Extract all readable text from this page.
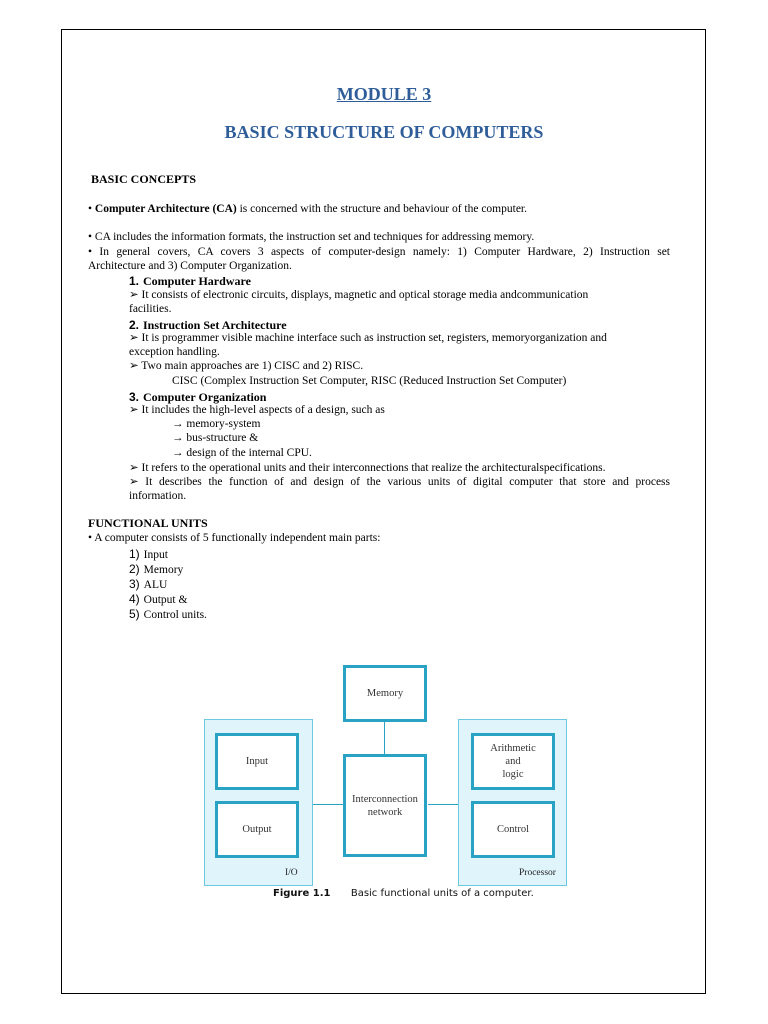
MODULE 3
BASIC STRUCTURE OF COMPUTERS
BASIC CONCEPTS
• Computer Architecture (CA) is concerned with the structure and behaviour of the computer.
• CA includes the information formats, the instruction set and techniques for addressing memory.
• In general covers, CA covers 3 aspects of computer-design namely: 1) Computer Hardware, 2) Instruction set
Architecture and 3) Computer Organization.
1. Computer Hardware
➢ It consists of electronic circuits, displays, magnetic and optical storage media andcommunication
facilities.
2. Instruction Set Architecture
➢ It is programmer visible machine interface such as instruction set, registers, memoryorganization and
exception handling.
➢ Two main approaches are 1) CISC and 2) RISC.
CISC (Complex Instruction Set Computer, RISC (Reduced Instruction Set Computer)
3. Computer Organization
➢ It includes the high-level aspects of a design, such as
→ memory-system
→ bus-structure &
→ design of the internal CPU.
➢ It refers to the operational units and their interconnections that realize the architecturalspecifications.
➢ It describes the function of and design of the various units of digital computer that store and process
information.
FUNCTIONAL UNITS
• A computer consists of 5 functionally independent main parts:
1) Input
2) Memory
3) ALU
4) Output &
5) Control units.
Memory
Input
Output
Interconnection
network
Arithmetic
and
logic
Control
I/O	Processor
Figure 1.1 Basic functional units of a computer.
